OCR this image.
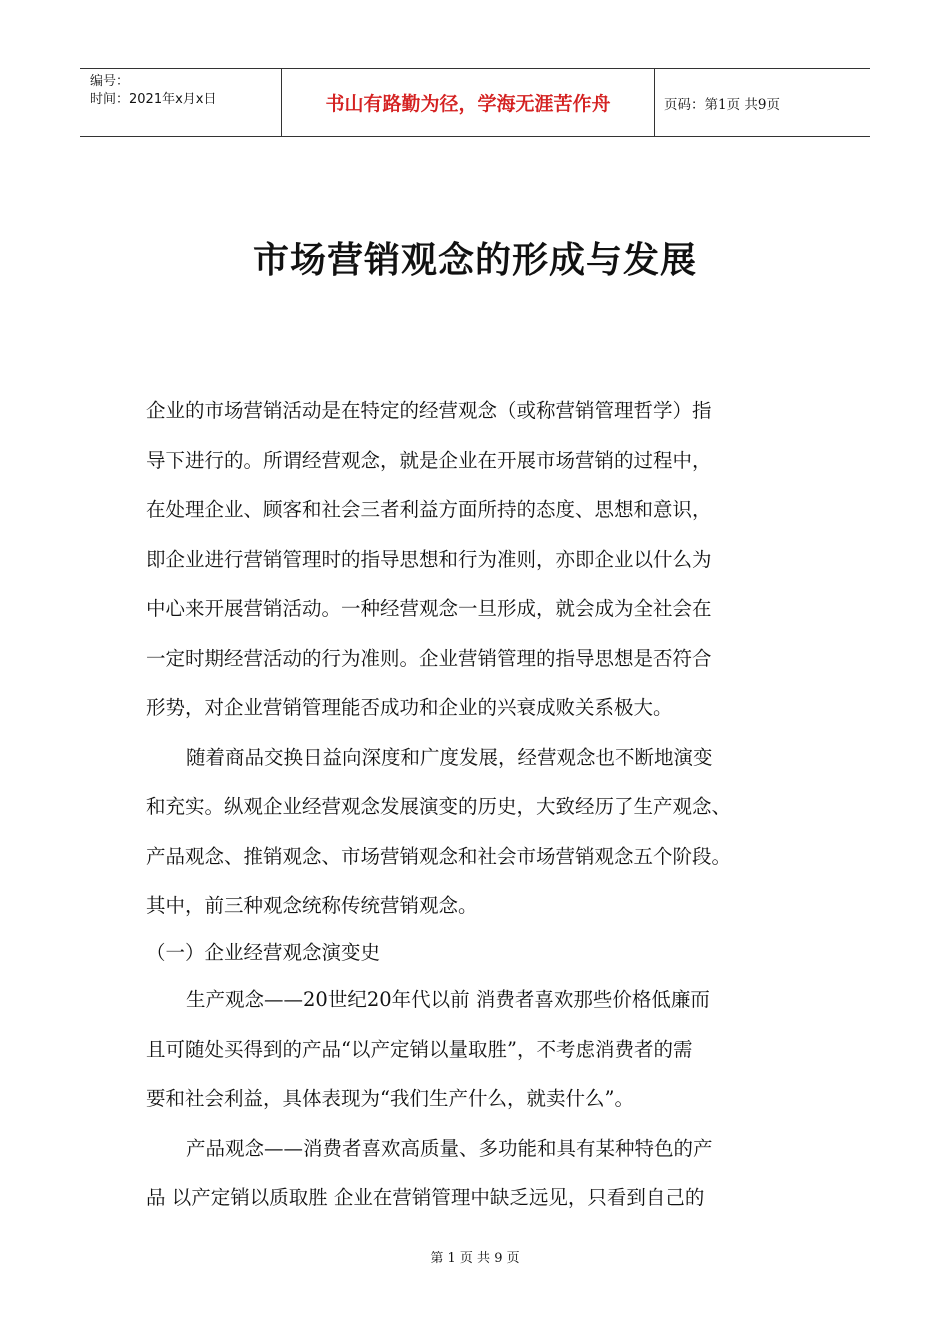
编号：
时间：2021年x月x日	书山有路勤为径，学海无涯苦作舟	页码：第1页 共9页
市场营销观念的形成与发展
企业的市场营销活动是在特定的经营观念（或称营销管理哲学）指
导下进行的。所谓经营观念，就是企业在开展市场营销的过程中，
在处理企业、顾客和社会三者利益方面所持的态度、思想和意识，
即企业进行营销管理时的指导思想和行为准则，亦即企业以什么为
中心来开展营销活动。一种经营观念一旦形成，就会成为全社会在
一定时期经营活动的行为准则。企业营销管理的指导思想是否符合
形势，对企业营销管理能否成功和企业的兴衰成败关系极大。
随着商品交换日益向深度和广度发展，经营观念也不断地演变
和充实。纵观企业经营观念发展演变的历史，大致经历了生产观念、
产品观念、推销观念、市场营销观念和社会市场营销观念五个阶段。
其中，前三种观念统称传统营销观念。
（一）企业经营观念演变史
生产观念——20世纪20年代以前 消费者喜欢那些价格低廉而
且可随处买得到的产品“以产定销以量取胜”，不考虑消费者的需
要和社会利益，具体表现为“我们生产什么，就卖什么”。
产品观念——消费者喜欢高质量、多功能和具有某种特色的产
品 以产定销以质取胜 企业在营销管理中缺乏远见，只看到自己的
第 1 页 共 9 页
